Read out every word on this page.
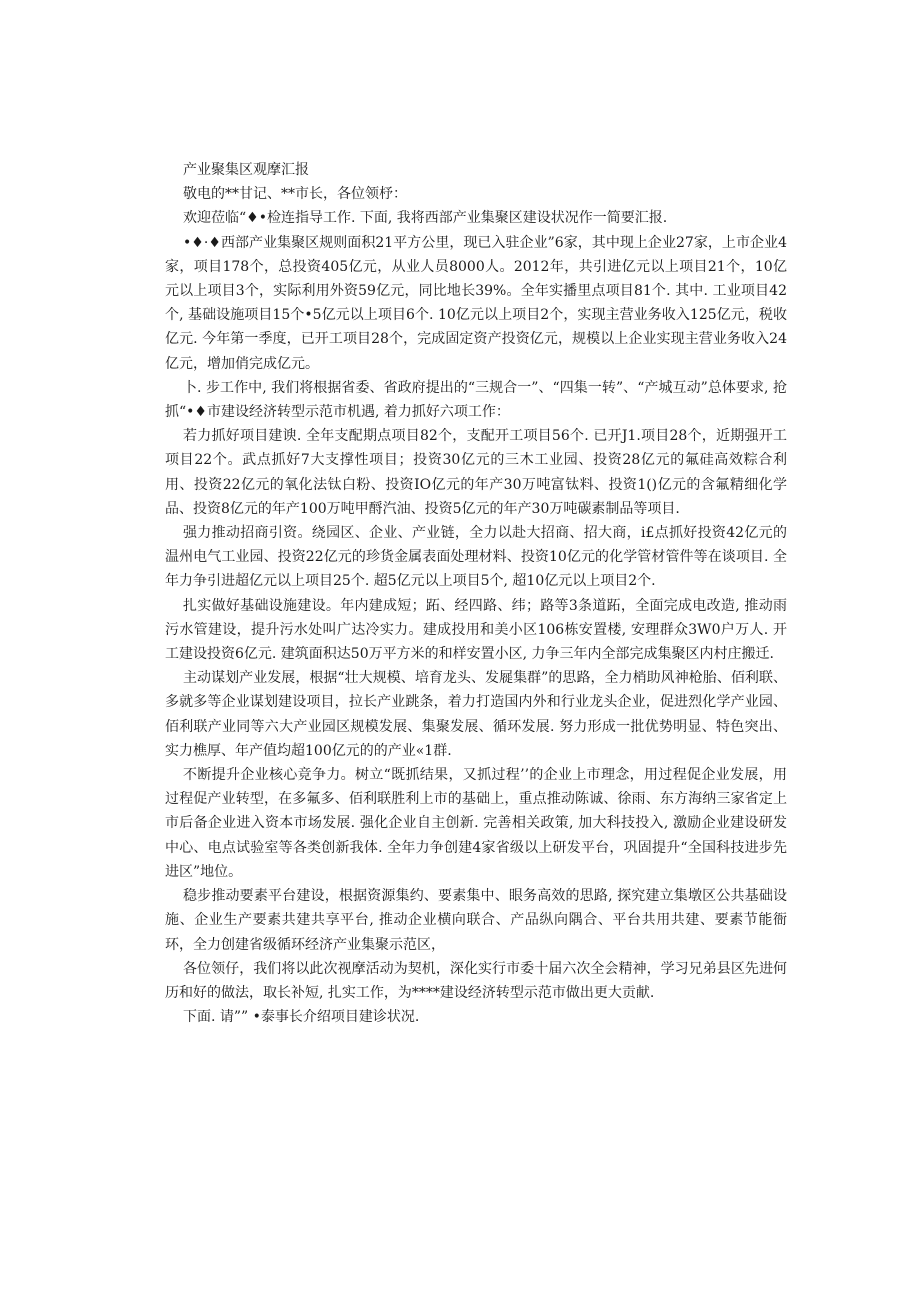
产业聚集区观摩汇报

敬电的**甘记、**市长，各位领杼：

欢迎莅临“♦•检连指导工作. 下面, 我将西部产业集聚区建设状况作一简要汇报.

•♦·♦西部产业集聚区规则面积21平方公里，现已入驻企业”6家，其中现上企业27家，上市企业4家，项目178个，总投资405亿元，从业人员8000人。2012年，共引进亿元以上项目21个，10亿元以上项目3个，实际利用外资59亿元，同比地长39%。全年实播里点项目81个. 其中. 工业项目42个, 基础设施项目15个•5亿元以上项目6个. 10亿元以上项目2个，实现主营业务收入125亿元，税收亿元. 今年第一季度，已开工项目28个，完成固定资产投资亿元，规模以上企业实现主营业务收入24亿元，增加俏完成亿元。

卜. 步工作中, 我们将根据省委、省政府提出的“三规合一”、“四集一转”、“产城互动”总体要求, 抢抓“•♦市建设经济转型示范市机遇, 着力抓好六项工作：

若力抓好项目建谀. 全年支配期点项目82个，支配开工项目56个. 已开J1.项目28个，近期强开工项目22个。武点抓好7大支撑性项目；投资30亿元的三木工业园、投资28亿元的氟硅高效粽合利用、投资22亿元的氧化法钛白粉、投资IO亿元的年产30万吨富钛料、投资1()亿元的含氟精细化学品、投资8亿元的年产100万吨甲酹汽油、投资5亿元的年产30万吨碳素制品等项目.

强力推动招商引资。绕园区、企业、产业链，全力以赴大招商、招大商，i£点抓好投资42亿元的温州电气工业园、投资22亿元的珍货金属表面处理材料、投资10亿元的化学管材管件等在谈项目. 全年力争引进超亿元以上项目25个. 超5亿元以上项目5个, 超10亿元以上项目2个.

扎实做好基础设施建设。年内建成短；跖、经四路、纬；路等3条道跖，全面完成电改造, 推动雨污水管建设，提升污水处叫广达冷实力。建成投用和美小区106栋安置楼, 安理群众3W0户万人. 开工建设投资6亿元. 建筑面积达50万平方米的和样安置小区, 力争三年内全部完成集聚区内村庄搬迁.

主动谋划产业发展，根据“壮大规模、培育龙头、发屣集群”的思路，全力梢助风神枪胎、佰利联、多就多等企业谋划建设项目，拉长产业跳条，着力打造国内外和行业龙头企业，促进烈化学产业园、佰利联产业同等六大产业园区规模发展、集聚发展、循环发展. 努力形成一批优势明显、特色突出、实力樵厚、年产值均超100亿元的的产业«1群.

不断提升企业核心竞争力。树立“既抓结果，又抓过程’’的企业上市理念，用过程促企业发展，用过程促产业转型，在多氟多、佰利联胜利上市的基础上，重点推动陈诚、徐雨、东方海纳三家省定上市后备企业进入资本市场发展. 强化企业自主创新. 完善相关政策, 加大科技投入, 激励企业建设研发中心、电点试验室等各类创新我体. 全年力争创建4家省级以上研发平台，巩固提升“全国科技进步先进区”地位。

稳步推动要素平台建设，根据资源集约、要素集中、眼务高效的思路, 探究建立集墩区公共基础设施、企业生产要素共建共享平台, 推动企业横向联合、产品纵向隅合、平台共用共建、要素节能衙环，全力创建省级循环经济产业集聚示范区，

各位领仔，我们将以此次视摩活动为契机，深化实行市委十届六次全会精神，学习兄弟县区先进何历和好的做法，取长补短, 扎实工作，为****建设经济转型示范市做出更大贡献.

下面. 请”” •泰事长介绍项目建诊状况.
